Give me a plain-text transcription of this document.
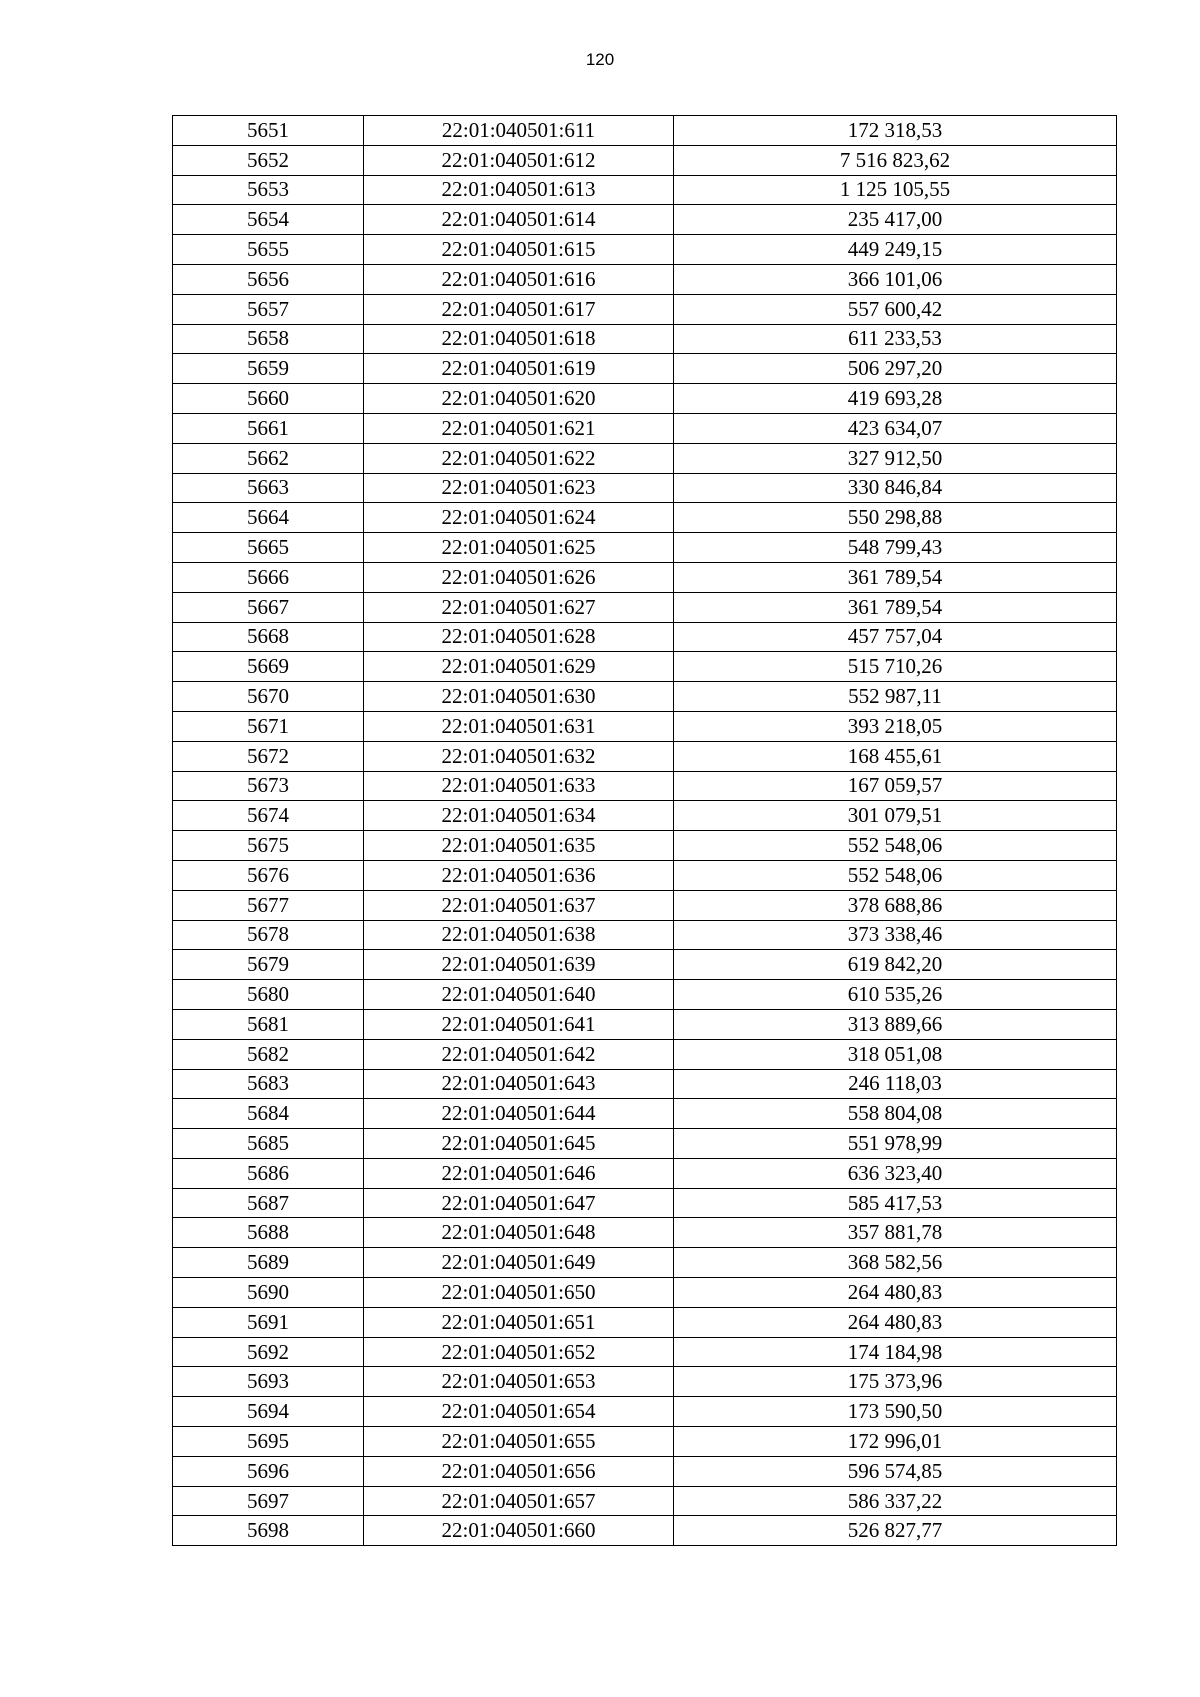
120
5651	22:01:040501:611	172 318,53
5652	22:01:040501:612	7 516 823,62
5653	22:01:040501:613	1 125 105,55
5654	22:01:040501:614	235 417,00
5655	22:01:040501:615	449 249,15
5656	22:01:040501:616	366 101,06
5657	22:01:040501:617	557 600,42
5658	22:01:040501:618	611 233,53
5659	22:01:040501:619	506 297,20
5660	22:01:040501:620	419 693,28
5661	22:01:040501:621	423 634,07
5662	22:01:040501:622	327 912,50
5663	22:01:040501:623	330 846,84
5664	22:01:040501:624	550 298,88
5665	22:01:040501:625	548 799,43
5666	22:01:040501:626	361 789,54
5667	22:01:040501:627	361 789,54
5668	22:01:040501:628	457 757,04
5669	22:01:040501:629	515 710,26
5670	22:01:040501:630	552 987,11
5671	22:01:040501:631	393 218,05
5672	22:01:040501:632	168 455,61
5673	22:01:040501:633	167 059,57
5674	22:01:040501:634	301 079,51
5675	22:01:040501:635	552 548,06
5676	22:01:040501:636	552 548,06
5677	22:01:040501:637	378 688,86
5678	22:01:040501:638	373 338,46
5679	22:01:040501:639	619 842,20
5680	22:01:040501:640	610 535,26
5681	22:01:040501:641	313 889,66
5682	22:01:040501:642	318 051,08
5683	22:01:040501:643	246 118,03
5684	22:01:040501:644	558 804,08
5685	22:01:040501:645	551 978,99
5686	22:01:040501:646	636 323,40
5687	22:01:040501:647	585 417,53
5688	22:01:040501:648	357 881,78
5689	22:01:040501:649	368 582,56
5690	22:01:040501:650	264 480,83
5691	22:01:040501:651	264 480,83
5692	22:01:040501:652	174 184,98
5693	22:01:040501:653	175 373,96
5694	22:01:040501:654	173 590,50
5695	22:01:040501:655	172 996,01
5696	22:01:040501:656	596 574,85
5697	22:01:040501:657	586 337,22
5698	22:01:040501:660	526 827,77
